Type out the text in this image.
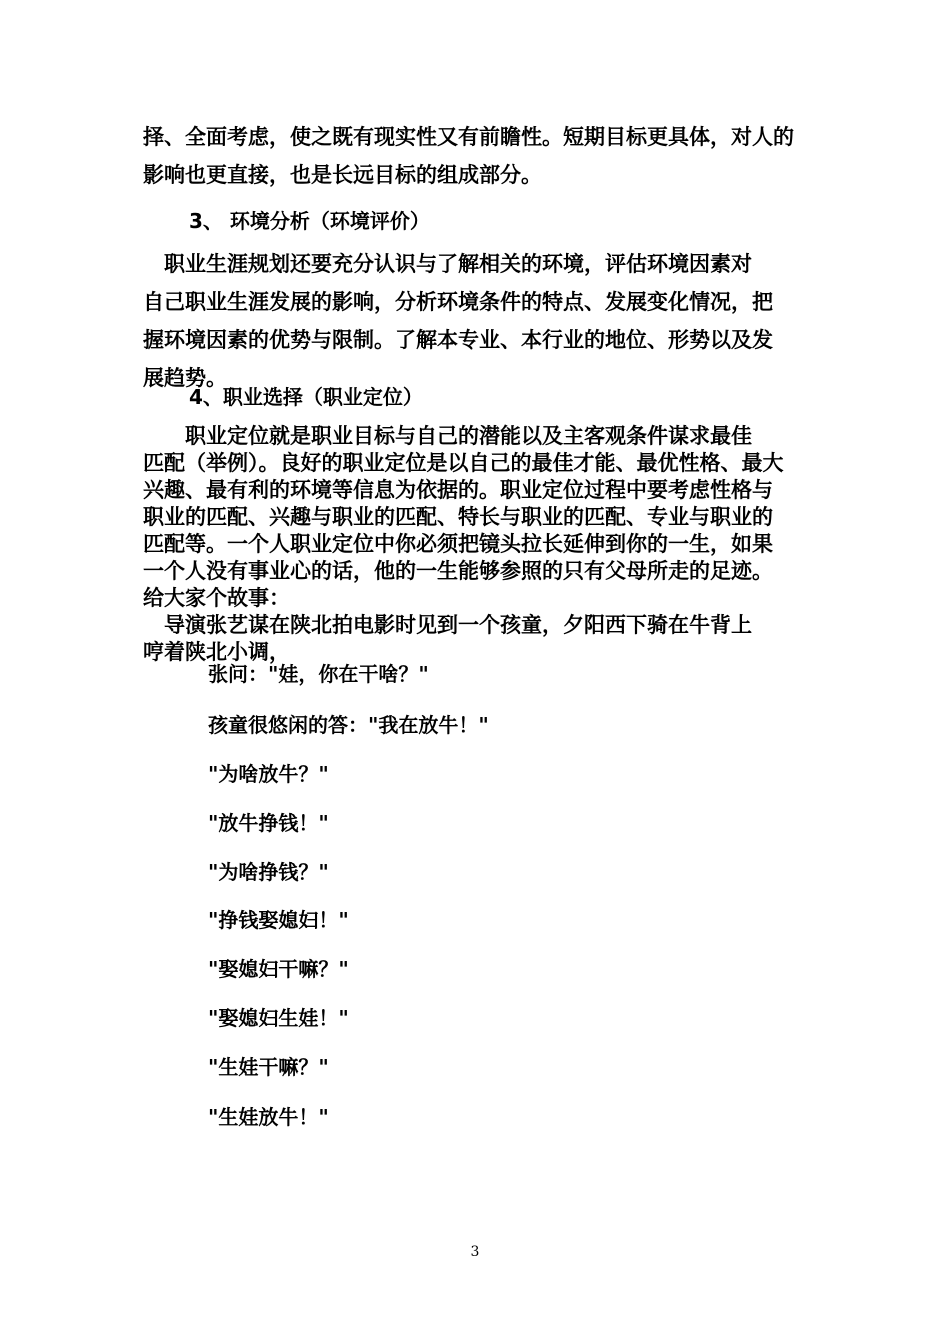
择、全面考虑，使之既有现实性又有前瞻性。短期目标更具体，对人的

影响也更直接，也是长远目标的组成部分。

3、 环境分析（环境评价）

　职业生涯规划还要充分认识与了解相关的环境，评估环境因素对

自己职业生涯发展的影响，分析环境条件的特点、发展变化情况，把

握环境因素的优势与限制。了解本专业、本行业的地位、形势以及发

展趋势。

4、职业选择（职业定位）

　　职业定位就是职业目标与自己的潜能以及主客观条件谋求最佳

匹配（举例）。良好的职业定位是以自己的最佳才能、最优性格、最大

兴趣、最有利的环境等信息为依据的。职业定位过程中要考虑性格与

职业的匹配、兴趣与职业的匹配、特长与职业的匹配、专业与职业的

匹配等。一个人职业定位中你必须把镜头拉长延伸到你的一生，如果

一个人没有事业心的话，他的一生能够参照的只有父母所走的足迹。

给大家个故事：

　导演张艺谋在陕北拍电影时见到一个孩童，夕阳西下骑在牛背上

哼着陕北小调，

张问："娃，你在干啥？"
孩童很悠闲的答："我在放牛！"
"为啥放牛？"
"放牛挣钱！"
"为啥挣钱？"
"挣钱娶媳妇！"
"娶媳妇干嘛？"
"娶媳妇生娃！"
"生娃干嘛？"
"生娃放牛！"
3
